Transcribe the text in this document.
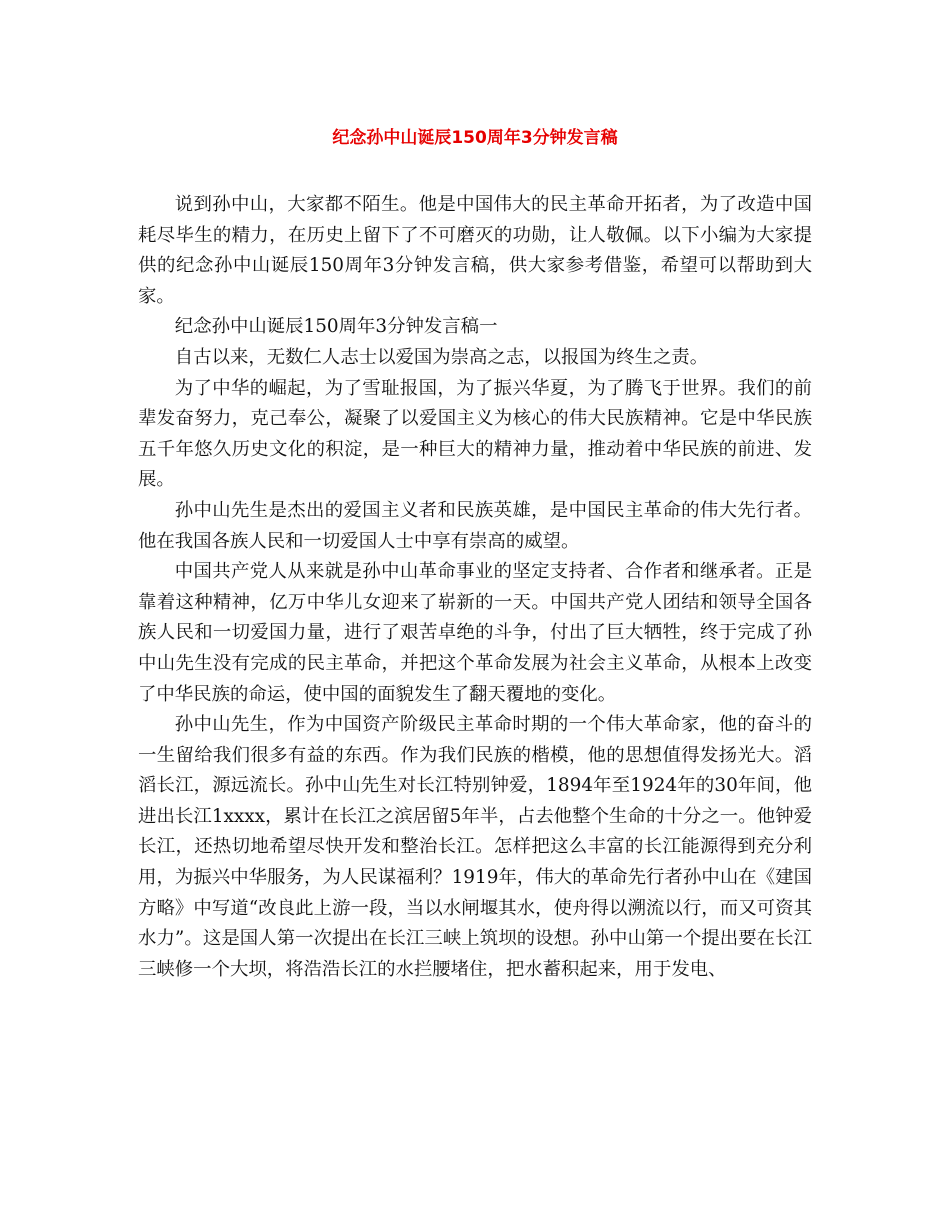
纪念孙中山诞辰150周年3分钟发言稿

说到孙中山，大家都不陌生。他是中国伟大的民主革命开拓者，为了改造中国耗尽毕生的精力，在历史上留下了不可磨灭的功勋，让人敬佩。以下小编为大家提供的纪念孙中山诞辰150周年3分钟发言稿，供大家参考借鉴，希望可以帮助到大家。

纪念孙中山诞辰150周年3分钟发言稿一

自古以来，无数仁人志士以爱国为崇高之志，以报国为终生之责。

为了中华的崛起，为了雪耻报国，为了振兴华夏，为了腾飞于世界。我们的前辈发奋努力，克己奉公，凝聚了以爱国主义为核心的伟大民族精神。它是中华民族五千年悠久历史文化的积淀，是一种巨大的精神力量，推动着中华民族的前进、发展。

孙中山先生是杰出的爱国主义者和民族英雄，是中国民主革命的伟大先行者。他在我国各族人民和一切爱国人士中享有崇高的威望。

中国共产党人从来就是孙中山革命事业的坚定支持者、合作者和继承者。正是靠着这种精神，亿万中华儿女迎来了崭新的一天。中国共产党人团结和领导全国各族人民和一切爱国力量，进行了艰苦卓绝的斗争，付出了巨大牺牲，终于完成了孙中山先生没有完成的民主革命，并把这个革命发展为社会主义革命，从根本上改变了中华民族的命运，使中国的面貌发生了翻天覆地的变化。

孙中山先生，作为中国资产阶级民主革命时期的一个伟大革命家，他的奋斗的一生留给我们很多有益的东西。作为我们民族的楷模，他的思想值得发扬光大。滔滔长江，源远流长。孙中山先生对长江特别钟爱，1894年至1924年的30年间，他进出长江1xxxx，累计在长江之滨居留5年半，占去他整个生命的十分之一。他钟爱长江，还热切地希望尽快开发和整治长江。怎样把这么丰富的长江能源得到充分利用，为振兴中华服务，为人民谋福利？1919年，伟大的革命先行者孙中山在《建国方略》中写道“改良此上游一段，当以水闸堰其水，使舟得以溯流以行，而又可资其水力”。这是国人第一次提出在长江三峡上筑坝的设想。孙中山第一个提出要在长江三峡修一个大坝，将浩浩长江的水拦腰堵住，把水蓄积起来，用于发电、
